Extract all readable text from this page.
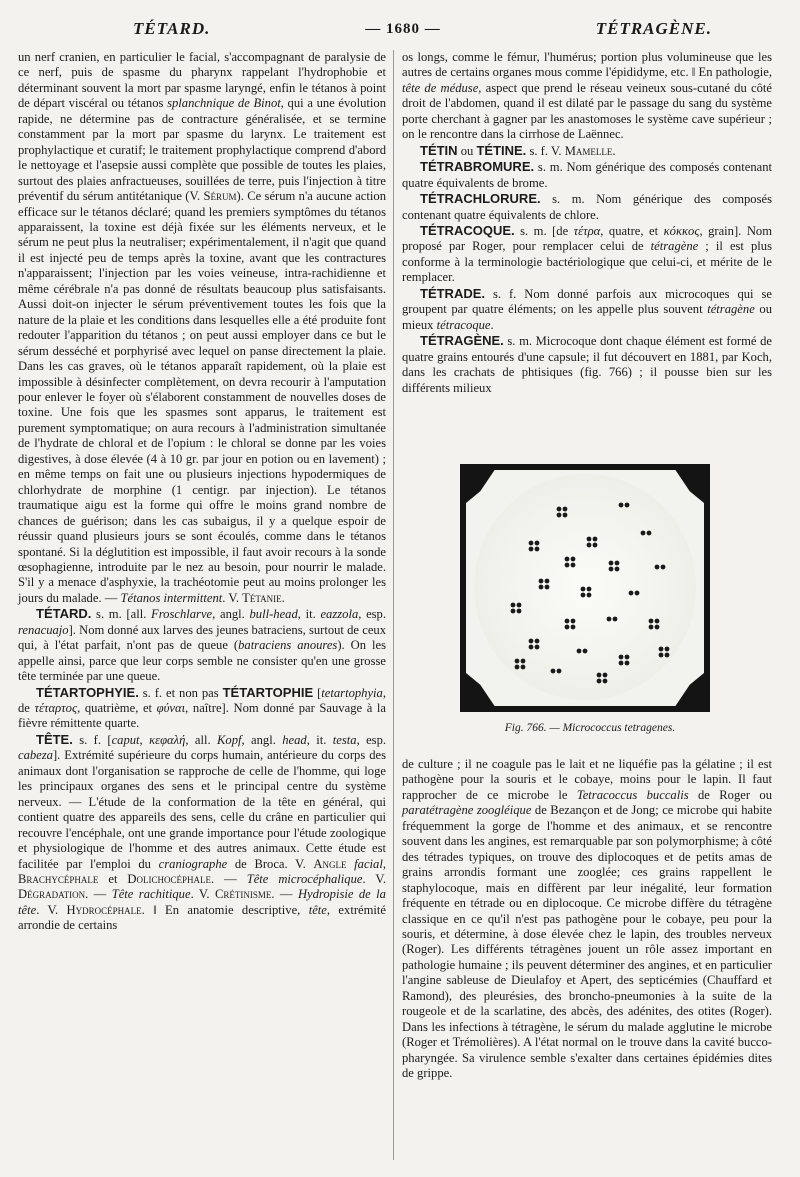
TÉTARD.	— 1680 —	TÉTRAGÈNE.

un nerf cranien, en particulier le facial, s'accompagnant de paralysie de ce nerf, puis de spasme du pharynx rappelant l'hydrophobie et déterminant souvent la mort par spasme laryngé, enfin le tétanos à point de départ viscéral ou tétanos splanchnique de Binot, qui a une évolution rapide, ne détermine pas de contracture généralisée, et se termine constamment par la mort par spasme du larynx. Le traitement est prophylactique et curatif; le traitement prophylactique comprend d'abord le nettoyage et l'asepsie aussi complète que possible de toutes les plaies, surtout des plaies anfractueuses, souillées de terre, puis l'injection à titre préventif du sérum antitétanique (V. Sérum). Ce sérum n'a aucune action efficace sur le tétanos déclaré; quand les premiers symptômes du tétanos apparaissent, la toxine est déjà fixée sur les éléments nerveux, et le sérum ne peut plus la neutraliser; expérimentalement, il n'agit que quand il est injecté peu de temps après la toxine, avant que les contractures n'apparaissent; l'injection par les voies veineuse, intra-rachidienne et même cérébrale n'a pas donné de résultats beaucoup plus satisfaisants. Aussi doit-on injecter le sérum préventivement toutes les fois que la nature de la plaie et les conditions dans lesquelles elle a été produite font redouter l'apparition du tétanos ; on peut aussi employer dans ce but le sérum desséché et porphyrisé avec lequel on panse directement la plaie. Dans les cas graves, où le tétanos apparaît rapidement, où la plaie est impossible à désinfecter complètement, on devra recourir à l'amputation pour enlever le foyer où s'élaborent constamment de nouvelles doses de toxine. Une fois que les spasmes sont apparus, le traitement est purement symptomatique; on aura recours à l'administration simultanée de l'hydrate de chloral et de l'opium : le chloral se donne par les voies digestives, à dose élevée (4 à 10 gr. par jour en potion ou en lavement) ; en même temps on fait une ou plusieurs injections hypodermiques de chlorhydrate de morphine (1 centigr. par injection). Le tétanos traumatique aigu est la forme qui offre le moins grand nombre de chances de guérison; dans les cas subaigus, il y a quelque espoir de réussir quand plusieurs jours se sont écoulés, comme dans le tétanos spontané. Si la déglutition est impossible, il faut avoir recours à la sonde œsophagienne, introduite par le nez au besoin, pour nourrir le malade. S'il y a menace d'asphyxie, la trachéotomie peut au moins prolonger les jours du malade. — Tétanos intermittent. V. Tétanie.

TÉTARD. s. m. [all. Froschlarve, angl. bull-head, it. eazzola, esp. renacuajo]. Nom donné aux larves des jeunes batraciens, surtout de ceux qui, à l'état parfait, n'ont pas de queue (batraciens anoures). On les appelle ainsi, parce que leur corps semble ne consister qu'en une grosse tête terminée par une queue.

TÉTARTOPHYIE. s. f. et non pas TÉTARTOPHIE [tetartophyia, de τέταρτος, quatrième, et φύναι, naître]. Nom donné par Sauvage à la fièvre rémittente quarte.

TÊTE. s. f. [caput, κεφαλή, all. Kopf, angl. head, it. testa, esp. cabeza]. Extrémité supérieure du corps humain, antérieure du corps des animaux dont l'organisation se rapproche de celle de l'homme, qui loge les principaux organes des sens et le principal centre du système nerveux. — L'étude de la conformation de la tête en général, qui contient quatre des appareils des sens, celle du crâne en particulier qui recouvre l'encéphale, ont une grande importance pour l'étude zoologique et physiologique de l'homme et des autres animaux. Cette étude est facilitée par l'emploi du craniographe de Broca. V. Angle facial, Brachycéphale et Dolichocéphale. — Tête microcéphalique. V. Dégradation. — Tête rachitique. V. Crétinisme. — Hydropisie de la tête. V. Hydrocéphale. ‖ En anatomie descriptive, tête, extrémité arrondie de certains

os longs, comme le fémur, l'humérus; portion plus volumineuse que les autres de certains organes mous comme l'épididyme, etc. ‖ En pathologie, tête de méduse, aspect que prend le réseau veineux sous-cutané du côté droit de l'abdomen, quand il est dilaté par le passage du sang du système porte cherchant à gagner par les anastomoses le système cave supérieur ; on le rencontre dans la cirrhose de Laënnec.

TÉTIN ou TÉTINE. s. f. V. Mamelle.

TÉTRABROMURE. s. m. Nom générique des composés contenant quatre équivalents de brome.

TÉTRACHLORURE. s. m. Nom générique des composés contenant quatre équivalents de chlore.

TÉTRACOQUE. s. m. [de τέτρα, quatre, et κόκκος, grain]. Nom proposé par Roger, pour remplacer celui de tétragène ; il est plus conforme à la terminologie bactériologique que celui-ci, et mérite de le remplacer.

TÉTRADE. s. f. Nom donné parfois aux microcoques qui se groupent par quatre éléments; on les appelle plus souvent tétragène ou mieux tétracoque.

TÉTRAGÈNE. s. m. Microcoque dont chaque élément est formé de quatre grains entourés d'une capsule; il fut découvert en 1881, par Koch, dans les crachats de phtisiques (fig. 766) ; il pousse bien sur les différents milieux

Fig. 766. — Micrococcus tetragenes.

de culture ; il ne coagule pas le lait et ne liquéfie pas la gélatine ; il est pathogène pour la souris et le cobaye, moins pour le lapin. Il faut rapprocher de ce microbe le Tetracoccus buccalis de Roger ou paratétragène zoogléique de Bezançon et de Jong; ce microbe qui habite fréquemment la gorge de l'homme et des animaux, et se rencontre souvent dans les angines, est remarquable par son polymorphisme; à côté des tétrades typiques, on trouve des diplocoques et de petits amas de grains arrondis formant une zooglée; ces grains rappellent le staphylocoque, mais en diffèrent par leur inégalité, leur formation fréquente en tétrade ou en diplocoque. Ce microbe diffère du tétragène classique en ce qu'il n'est pas pathogène pour le cobaye, peu pour la souris, et détermine, à dose élevée chez le lapin, des troubles nerveux (Roger). Les différents tétragènes jouent un rôle assez important en pathologie humaine ; ils peuvent déterminer des angines, et en particulier l'angine sableuse de Dieulafoy et Apert, des septicémies (Chauffard et Ramond), des pleurésies, des broncho-pneumonies à la suite de la rougeole et de la scarlatine, des abcès, des adénites, des otites (Roger). Dans les infections à tétragène, le sérum du malade agglutine le microbe (Roger et Trémolières). A l'état normal on le trouve dans la cavité bucco-pharyngée. Sa virulence semble s'exalter dans certaines épidémies dites de grippe.
